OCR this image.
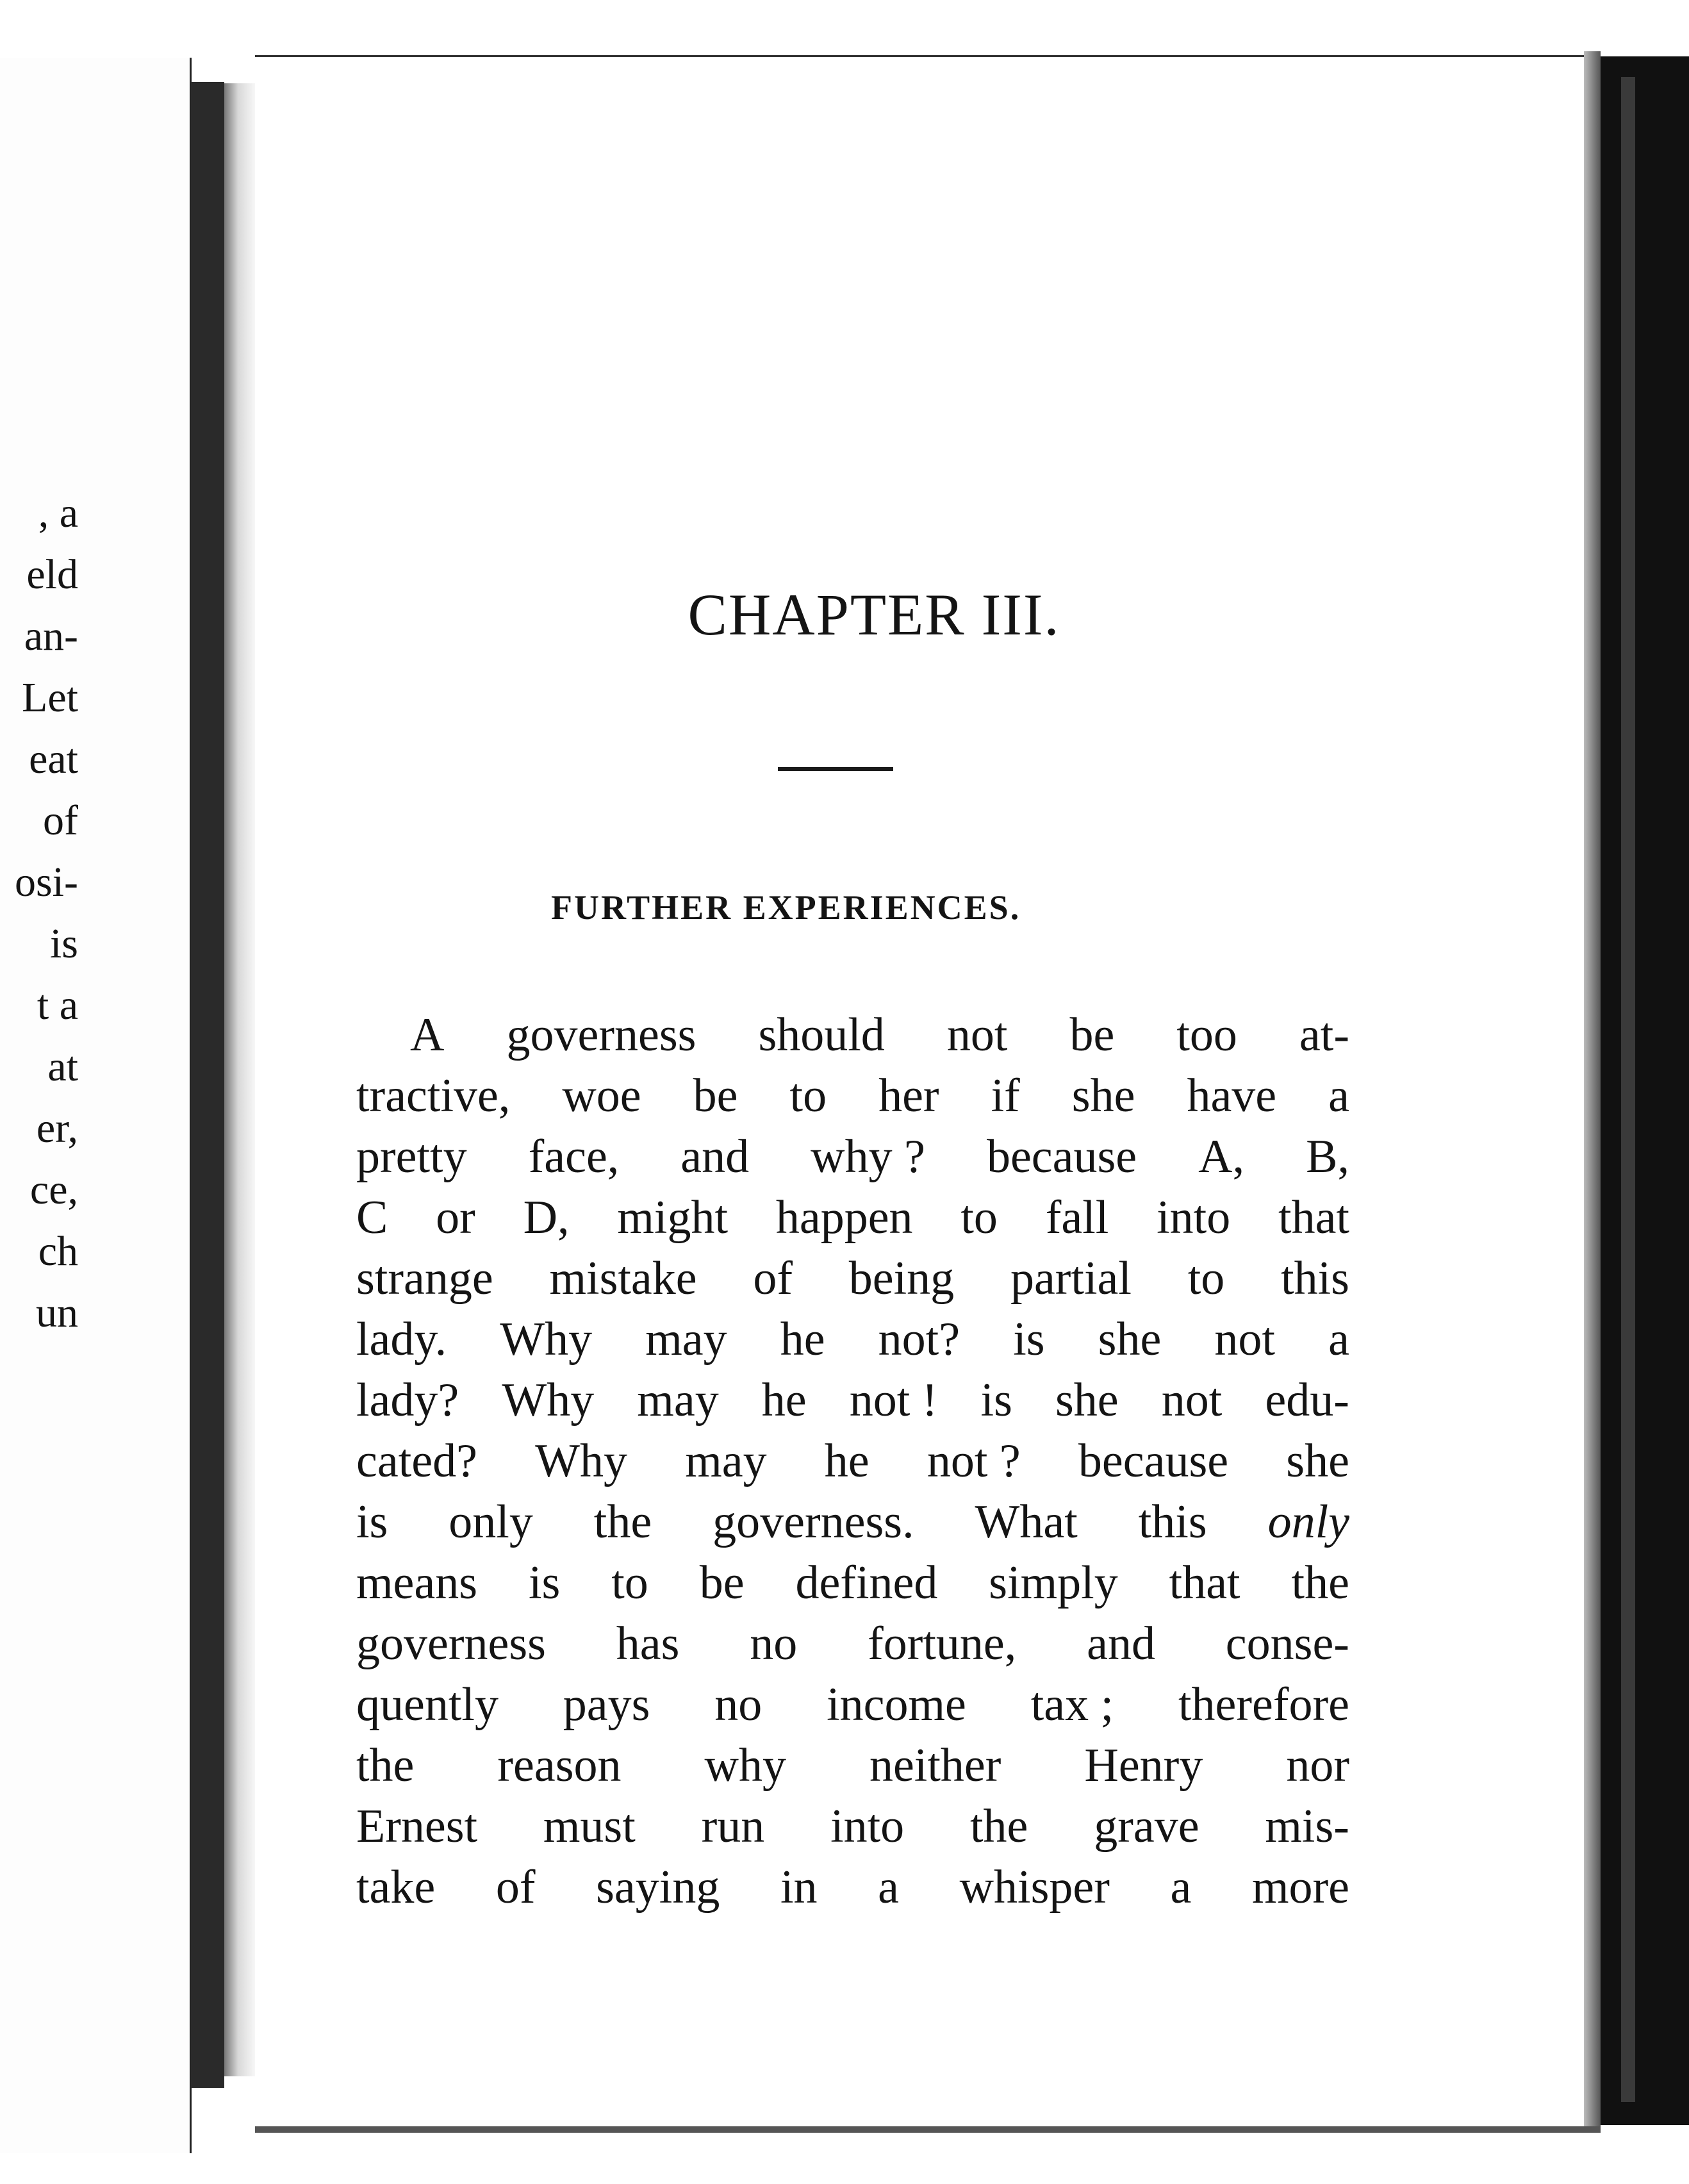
, a
eld
an-
Let
eat
of
osi-
is
t a
at
er,
ce,
ch
un
CHAPTER III.
FURTHER EXPERIENCES.
A governess should not be too at-
tractive, woe be to her if she have a
pretty face, and why ? because A, B,
C or D, might happen to fall into that
strange mistake of being partial to this
lady. Why may he not? is she not a
lady? Why may he not ! is she not edu-
cated? Why may he not ? because she
is only the governess. What this only
means is to be defined simply that the
governess has no fortune, and conse-
quently pays no income tax ; therefore
the reason why neither Henry nor
Ernest must run into the grave mis-
take of saying in a whisper a more
